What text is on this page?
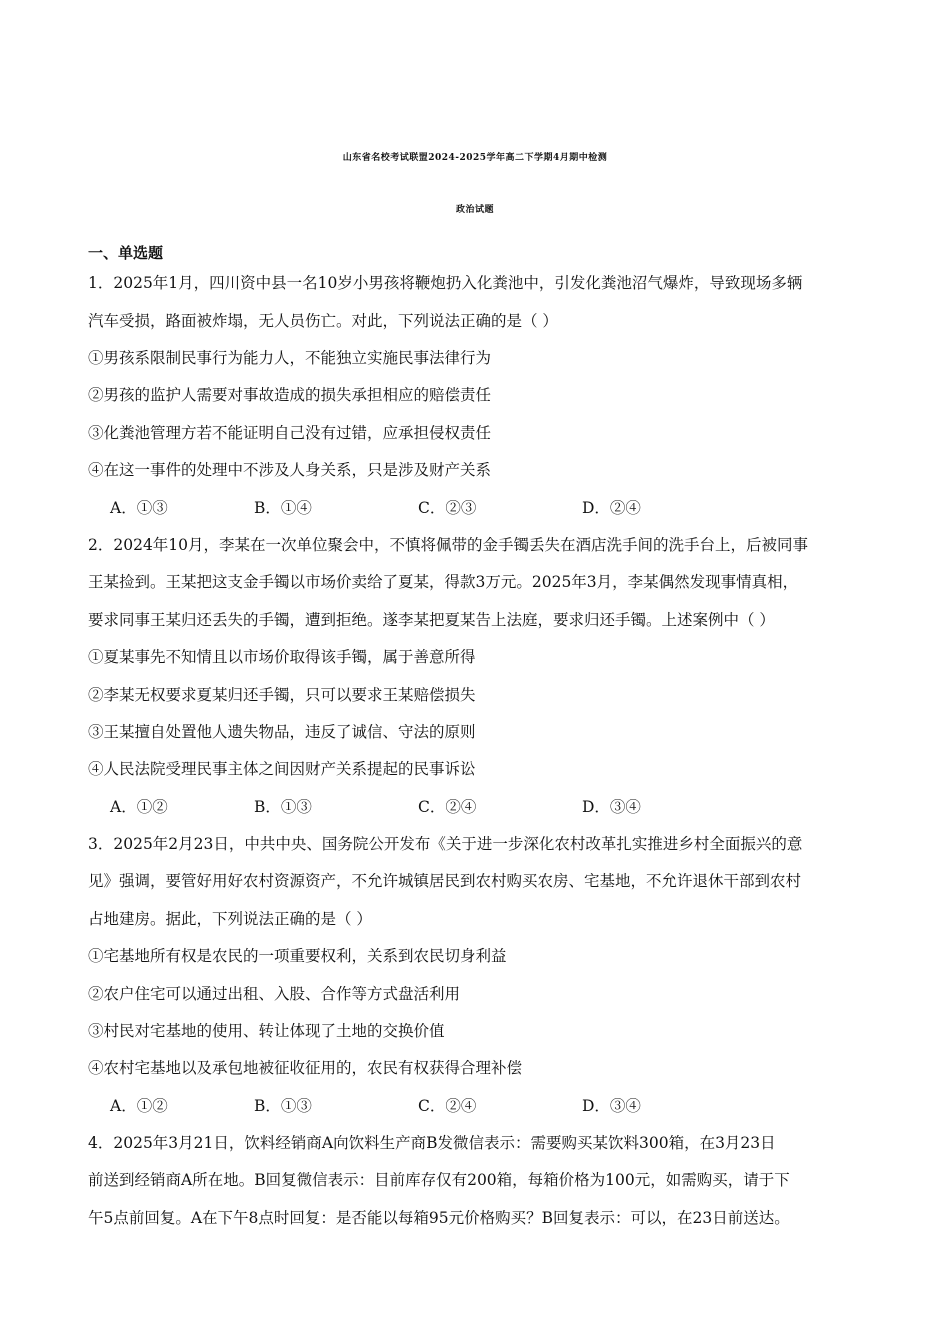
山东省名校考试联盟2024-2025学年高二下学期4月期中检测
政治试题
一、单选题
1．2025年1月，四川资中县一名10岁小男孩将鞭炮扔入化粪池中，引发化粪池沼气爆炸，导致现场多辆
汽车受损，路面被炸塌，无人员伤亡。对此，下列说法正确的是（ ）
①男孩系限制民事行为能力人，不能独立实施民事法律行为
②男孩的监护人需要对事故造成的损失承担相应的赔偿责任
③化粪池管理方若不能证明自己没有过错，应承担侵权责任
④在这一事件的处理中不涉及人身关系，只是涉及财产关系
A．①③	B．①④	C．②③	D．②④
2．2024年10月，李某在一次单位聚会中，不慎将佩带的金手镯丢失在酒店洗手间的洗手台上，后被同事
王某捡到。王某把这支金手镯以市场价卖给了夏某，得款3万元。2025年3月，李某偶然发现事情真相，
要求同事王某归还丢失的手镯，遭到拒绝。遂李某把夏某告上法庭，要求归还手镯。上述案例中（ ）
①夏某事先不知情且以市场价取得该手镯，属于善意所得
②李某无权要求夏某归还手镯，只可以要求王某赔偿损失
③王某擅自处置他人遗失物品，违反了诚信、守法的原则
④人民法院受理民事主体之间因财产关系提起的民事诉讼
A．①②	B．①③	C．②④	D．③④
3．2025年2月23日，中共中央、国务院公开发布《关于进一步深化农村改革扎实推进乡村全面振兴的意
见》强调，要管好用好农村资源资产，不允许城镇居民到农村购买农房、宅基地，不允许退休干部到农村
占地建房。据此，下列说法正确的是（ ）
①宅基地所有权是农民的一项重要权利，关系到农民切身利益
②农户住宅可以通过出租、入股、合作等方式盘活利用
③村民对宅基地的使用、转让体现了土地的交换价值
④农村宅基地以及承包地被征收征用的，农民有权获得合理补偿
A．①②	B．①③	C．②④	D．③④
4．2025年3月21日，饮料经销商A向饮料生产商B发微信表示：需要购买某饮料300箱，在3月23日
前送到经销商A所在地。B回复微信表示：目前库存仅有200箱，每箱价格为100元，如需购买，请于下
午5点前回复。A在下午8点时回复：是否能以每箱95元价格购买？B回复表示：可以，在23日前送达。
